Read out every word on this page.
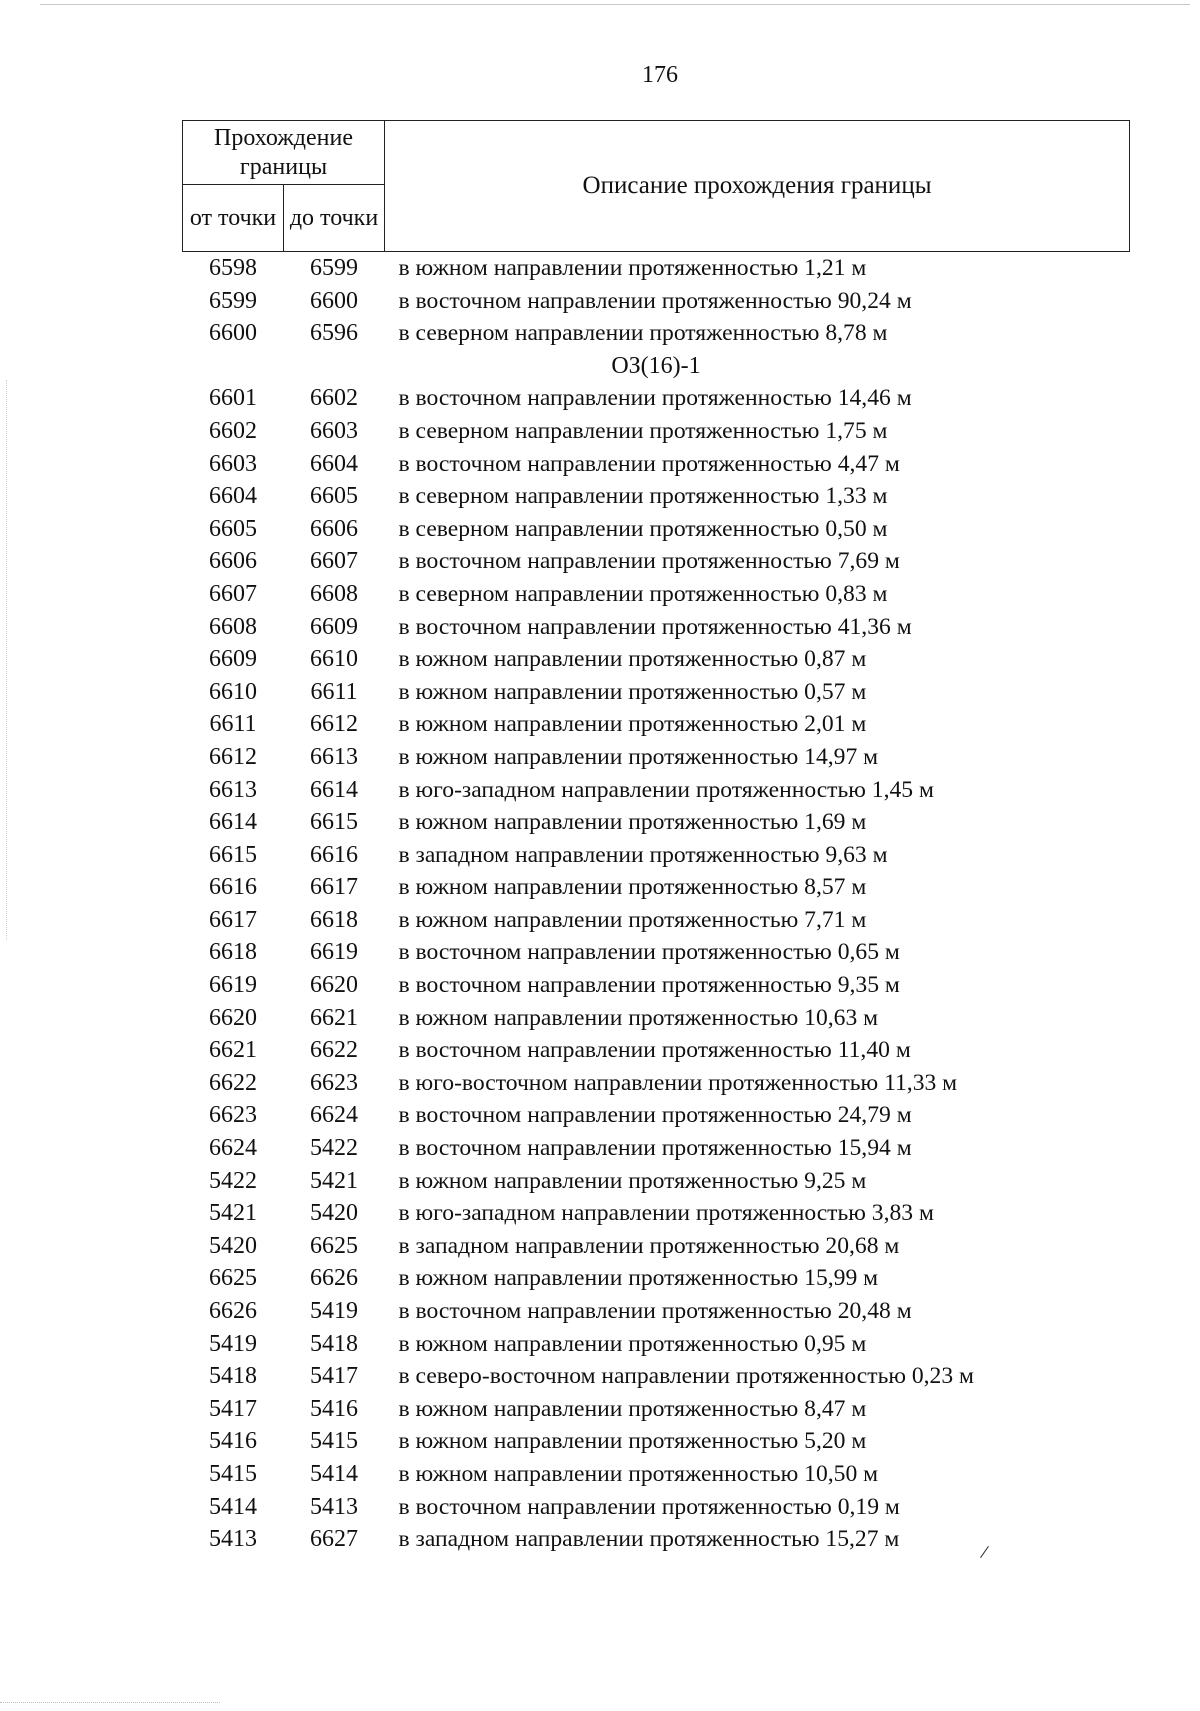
176
Прохождение границы		Описание прохождения границы
от точки	до точки	
6598	6599	в южном направлении протяженностью 1,21 м
6599	6600	в восточном направлении протяженностью 90,24 м
6600	6596	в северном направлении протяженностью 8,78 м
ОЗ(16)-1		
6601	6602	в восточном направлении протяженностью 14,46 м
6602	6603	в северном направлении протяженностью 1,75 м
6603	6604	в восточном направлении протяженностью 4,47 м
6604	6605	в северном направлении протяженностью 1,33 м
6605	6606	в северном направлении протяженностью 0,50 м
6606	6607	в восточном направлении протяженностью 7,69 м
6607	6608	в северном направлении протяженностью 0,83 м
6608	6609	в восточном направлении протяженностью 41,36 м
6609	6610	в южном направлении протяженностью 0,87 м
6610	6611	в южном направлении протяженностью 0,57 м
6611	6612	в южном направлении протяженностью 2,01 м
6612	6613	в южном направлении протяженностью 14,97 м
6613	6614	в юго-западном направлении протяженностью 1,45 м
6614	6615	в южном направлении протяженностью 1,69 м
6615	6616	в западном направлении протяженностью 9,63 м
6616	6617	в южном направлении протяженностью 8,57 м
6617	6618	в южном направлении протяженностью 7,71 м
6618	6619	в восточном направлении протяженностью 0,65 м
6619	6620	в восточном направлении протяженностью 9,35 м
6620	6621	в южном направлении протяженностью 10,63 м
6621	6622	в восточном направлении протяженностью 11,40 м
6622	6623	в юго-восточном направлении протяженностью 11,33 м
6623	6624	в восточном направлении протяженностью 24,79 м
6624	5422	в восточном направлении протяженностью 15,94 м
5422	5421	в южном направлении протяженностью 9,25 м
5421	5420	в юго-западном направлении протяженностью 3,83 м
5420	6625	в западном направлении протяженностью 20,68 м
6625	6626	в южном направлении протяженностью 15,99 м
6626	5419	в восточном направлении протяженностью 20,48 м
5419	5418	в южном направлении протяженностью 0,95 м
5418	5417	в северо-восточном направлении протяженностью 0,23 м
5417	5416	в южном направлении протяженностью 8,47 м
5416	5415	в южном направлении протяженностью 5,20 м
5415	5414	в южном направлении протяженностью 10,50 м
5414	5413	в восточном направлении протяженностью 0,19 м
5413	6627	в западном направлении протяженностью 15,27 м
